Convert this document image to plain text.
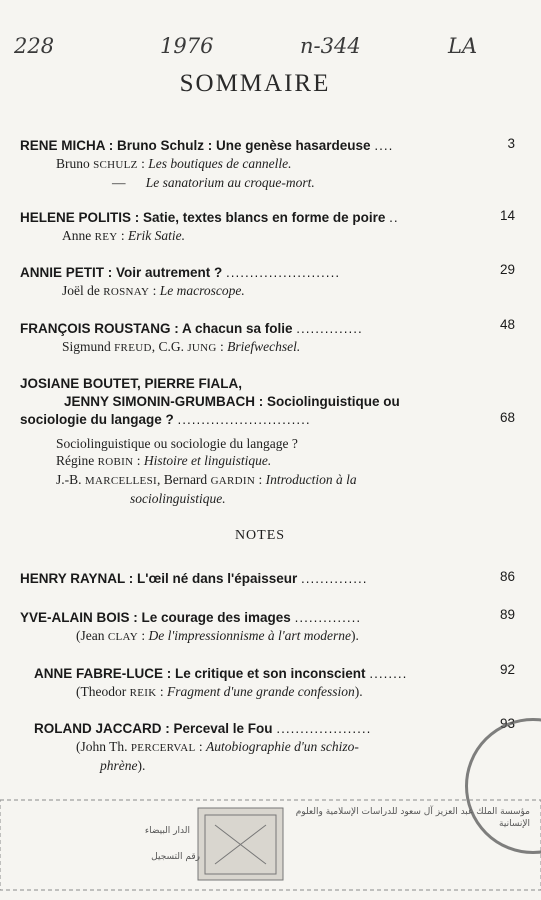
228	1976	n-344	LA
SOMMAIRE
RENE MICHA : Bruno Schulz : Une genèse hasardeuse ....
Bruno SCHULZ : Les boutiques de cannelle.
— Le sanatorium au croque-mort.
3
HELENE POLITIS : Satie, textes blancs en forme de poire ..
Anne REY : Erik Satie.
14
ANNIE PETIT : Voir autrement ? ........................
Joël de ROSNAY : Le macroscope.
29
FRANÇOIS ROUSTANG : A chacun sa folie ..............
Sigmund FREUD, C.G. JUNG : Briefwechsel.
48
JOSIANE BOUTET, PIERRE FIALA,
JENNY SIMONIN-GRUMBACH : Sociolinguistique ou
sociologie du langage ? ............................
Sociolinguistique ou sociologie du langage ?
Régine ROBIN : Histoire et linguistique.
J.-B. MARCELLESI, Bernard GARDIN : Introduction à la
sociolinguistique.
68
NOTES
HENRY RAYNAL : L'œil né dans l'épaisseur ..............	86
YVE-ALAIN BOIS : Le courage des images ..............
(Jean CLAY : De l'impressionnisme à l'art moderne).
89
ANNE FABRE-LUCE : Le critique et son inconscient ........
(Theodor REIK : Fragment d'une grande confession).
92
ROLAND JACCARD : Perceval le Fou ....................
(John Th. PERCERVAL : Autobiographie d'un schizo-
phrène).
93
مؤسسة الملك عبد العزيز آل سعود للدراسات الإسلامية والعلوم الإنسانية
الدار البيضاء
رقم التسجيل
